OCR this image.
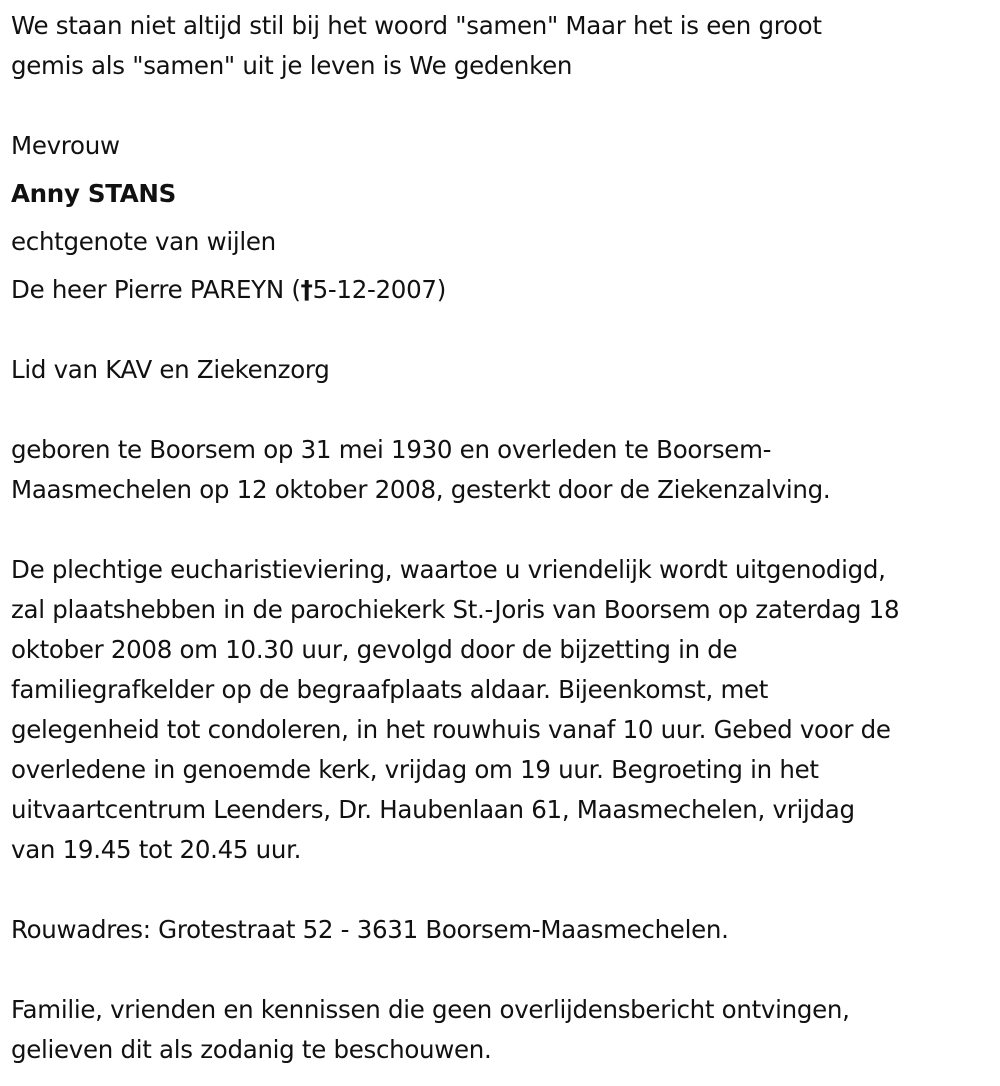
We staan niet altijd stil bij het woord "samen" Maar het is een groot
gemis als "samen" uit je leven is We gedenken
Mevrouw
Anny STANS
echtgenote van wijlen
De heer Pierre PAREYN (†5-12-2007)
Lid van KAV en Ziekenzorg
geboren te Boorsem op 31 mei 1930 en overleden te Boorsem-
Maasmechelen op 12 oktober 2008, gesterkt door de Ziekenzalving.
De plechtige eucharistieviering, waartoe u vriendelijk wordt uitgenodigd,
zal plaatshebben in de parochiekerk St.-Joris van Boorsem op zaterdag 18
oktober 2008 om 10.30 uur, gevolgd door de bijzetting in de
familiegrafkelder op de begraafplaats aldaar. Bijeenkomst, met
gelegenheid tot condoleren, in het rouwhuis vanaf 10 uur. Gebed voor de
overledene in genoemde kerk, vrijdag om 19 uur. Begroeting in het
uitvaartcentrum Leenders, Dr. Haubenlaan 61, Maasmechelen, vrijdag
van 19.45 tot 20.45 uur.
Rouwadres: Grotestraat 52 - 3631 Boorsem-Maasmechelen.
Familie, vrienden en kennissen die geen overlijdensbericht ontvingen,
gelieven dit als zodanig te beschouwen.
